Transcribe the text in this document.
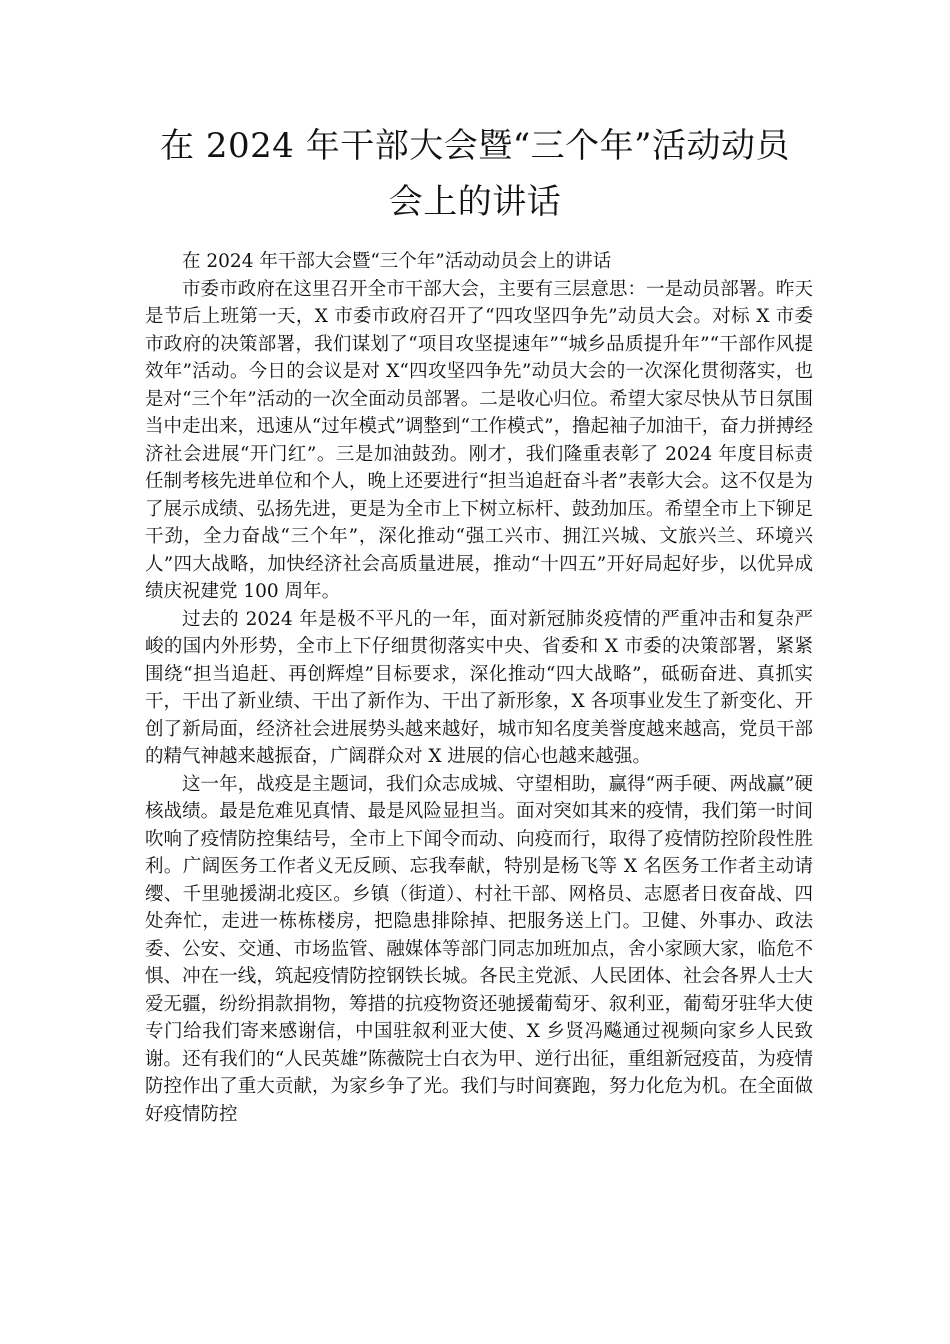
在 2024 年干部大会暨“三个年”活动动员
会上的讲话

在 2024 年干部大会暨“三个年”活动动员会上的讲话

市委市政府在这里召开全市干部大会，主要有三层意思：一是动员部署。昨天是节后上班第一天，X 市委市政府召开了“四攻坚四争先”动员大会。对标 X 市委市政府的决策部署，我们谋划了“项目攻坚提速年”“城乡品质提升年”“干部作风提效年”活动。今日的会议是对 X“四攻坚四争先”动员大会的一次深化贯彻落实，也是对“三个年”活动的一次全面动员部署。二是收心归位。希望大家尽快从节日氛围当中走出来，迅速从“过年模式”调整到“工作模式”，撸起袖子加油干，奋力拼搏经济社会进展“开门红”。三是加油鼓劲。刚才，我们隆重表彰了 2024 年度目标责任制考核先进单位和个人，晚上还要进行“担当追赶奋斗者”表彰大会。这不仅是为了展示成绩、弘扬先进，更是为全市上下树立标杆、鼓劲加压。希望全市上下铆足干劲，全力奋战“三个年”，深化推动“强工兴市、拥江兴城、文旅兴兰、环境兴人”四大战略，加快经济社会高质量进展，推动“十四五”开好局起好步，以优异成绩庆祝建党 100 周年。

过去的 2024 年是极不平凡的一年，面对新冠肺炎疫情的严重冲击和复杂严峻的国内外形势，全市上下仔细贯彻落实中央、省委和 X 市委的决策部署，紧紧围绕“担当追赶、再创辉煌”目标要求，深化推动“四大战略”，砥砺奋进、真抓实干，干出了新业绩、干出了新作为、干出了新形象，X 各项事业发生了新变化、开创了新局面，经济社会进展势头越来越好，城市知名度美誉度越来越高，党员干部的精气神越来越振奋，广阔群众对 X 进展的信心也越来越强。

这一年，战疫是主题词，我们众志成城、守望相助，赢得“两手硬、两战赢”硬核战绩。最是危难见真情、最是风险显担当。面对突如其来的疫情，我们第一时间吹响了疫情防控集结号，全市上下闻令而动、向疫而行，取得了疫情防控阶段性胜利。广阔医务工作者义无反顾、忘我奉献，特别是杨飞等 X 名医务工作者主动请缨、千里驰援湖北疫区。乡镇（街道）、村社干部、网格员、志愿者日夜奋战、四处奔忙，走进一栋栋楼房，把隐患排除掉、把服务送上门。卫健、外事办、政法委、公安、交通、市场监管、融媒体等部门同志加班加点，舍小家顾大家，临危不惧、冲在一线，筑起疫情防控钢铁长城。各民主党派、人民团体、社会各界人士大爱无疆，纷纷捐款捐物，筹措的抗疫物资还驰援葡萄牙、叙利亚，葡萄牙驻华大使专门给我们寄来感谢信，中国驻叙利亚大使、X 乡贤冯飚通过视频向家乡人民致谢。还有我们的“人民英雄”陈薇院士白衣为甲、逆行出征，重组新冠疫苗，为疫情防控作出了重大贡献，为家乡争了光。我们与时间赛跑，努力化危为机。在全面做好疫情防控
